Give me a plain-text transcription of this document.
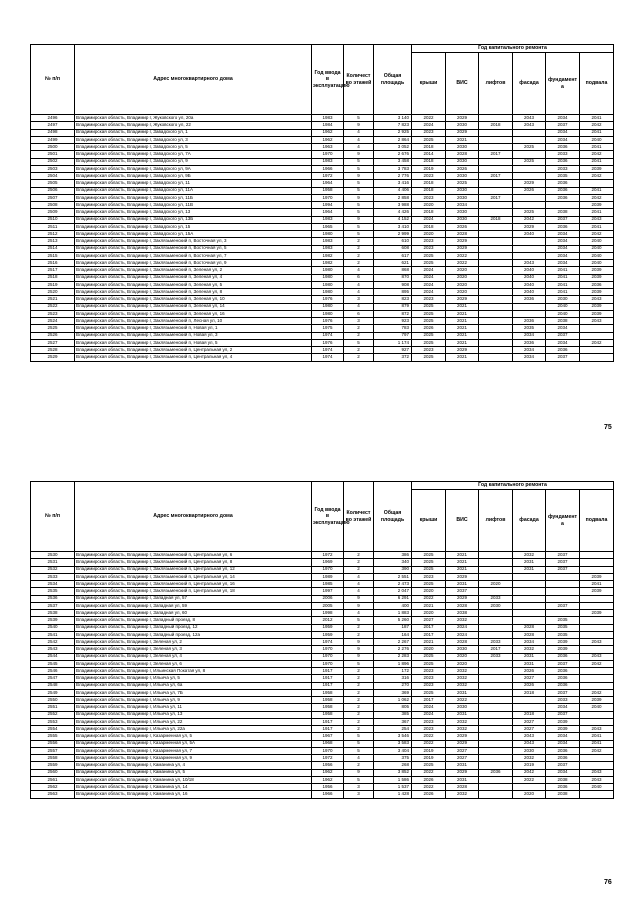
№ п/п	Адрес многоквартирного дома	Год ввода в эксплуатацию	Количество этажей	Общая площадь	Год капитального ремонта					
					крыши	ВИС	лифтов	фасада	фундамента	подвала
2496	Владимирская область, Владимир г, Жуковского ул, 20а	1983	5	3 140	2022	2029		2043	2034	2041
2497	Владимирская область, Владимир г, Жуковского ул, 22	1984	9	7 823	2024	2030	2018	2043	2037	2042
2498	Владимирская область, Владимир г, Завадского ул, 1	1962	4	2 925	2023	2029			2034	2041
2499	Владимирская область, Владимир г, Завадского ул, 3	1962	4	2 864	2025	2021			2034	2040
2500	Владимирская область, Владимир г, Завадского ул, 5	1963	4	3 052	2018	2030		2025	2036	2041
2501	Владимирская область, Владимир г, Завадского ул, 7А	1970	9	2 676	2014	2028	2017		2033	2042
2502	Владимирская область, Владимир г, Завадского ул, 9	1983	5	3 458	2018	2030		2025	2036	2041
2503	Владимирская область, Владимир г, Завадского ул, 9А	1966	5	3 783	2019	2026			2033	2039
2504	Владимирская область, Владимир г, Завадского ул, 9Б	1972	9	2 776	2023	2030	2017		2035	2042
2505	Владимирская область, Владимир г, Завадского ул, 11	1964	5	3 416	2018	2025		2029	2036	
2506	Владимирская область, Владимир г, Завадского ул, 11А	1958	5	4 406	2018	2030		2026	2036	2041
2507	Владимирская область, Владимир г, Завадского ул, 11Б	1970	9	2 858	2023	2030	2017		2036	2042
2508	Владимирская область, Владимир г, Завадского ул, 11В	1994	5	3 988	2020	2034				2039
2509	Владимирская область, Владимир г, Завадского ул, 13	1964	5	4 426	2018	2030		2025	2038	2041
2510	Владимирская область, Владимир г, Завадского ул, 13Б	1983	9	4 152	2024	2030	2018	2042	2037	2043
2511	Владимирская область, Владимир г, Завадского ул, 15	1965	5	3 410	2018	2026		2029	2036	2041
2512	Владимирская область, Владимир г, Завадского ул, 15А	1980	5	2 999	2020	2028		2040	2034	2042
2513	Владимирская область, Владимир г, Заклязьменский п, Восточная ул, 3	1983	2	610	2023	2029			2034	2040
2514	Владимирская область, Владимир г, Заклязьменский п, Восточная ул, 5	1983	2	608	2023	2029			2034	2040
2515	Владимирская область, Владимир г, Заклязьменский п, Восточная ул, 7	1982	2	617	2025	2022			2034	2040
2516	Владимирская область, Владимир г, Заклязьменский п, Восточная ул, 9	1982	2	621	2025	2022		2043	2034	2040
2517	Владимирская область, Владимир г, Заклязьменский п, Зеленая ул, 2	1980	4	868	2024	2020		2040	2041	2039
2518	Владимирская область, Владимир г, Заклязьменский п, Зеленая ул, 4	1980	6	870	2024	2020		2040	2041	2039
2519	Владимирская область, Владимир г, Заклязьменский п, Зеленая ул, 5	1980	4	908	2024	2020		2040	2041	2036
2520	Владимирская область, Владимир г, Заклязьменский п, Зеленая ул, 8	1980	4	895	2024	2020		2040	2041	2039
2521	Владимирская область, Владимир г, Заклязьменский п, Зеленая ул, 10	1976	3	823	2023	2029		2036	2030	2043
2522	Владимирская область, Владимир г, Заклязьменский п, Зеленая ул, 14	1980	4	879	2025	2021			2040	2039
2523	Владимирская область, Владимир г, Заклязьменский п, Зеленая ул, 16	1980	6	872	2025	2021			2040	2039
2524	Владимирская область, Владимир г, Заклязьменский п, Лесная ул, 10	1976	3	923	2025	2021		2036	2038	2043
2525	Владимирская область, Владимир г, Заклязьменский п, Новая ул, 1	1975	2	783	2026	2021		2035	2034	
2526	Владимирская область, Владимир г, Заклязьменский п, Новая ул, 3	1974	2	797	2025	2021		2034	2037	
2527	Владимирская область, Владимир г, Заклязьменский п, Новая ул, 5	1976	5	1 174	2025	2021		2036	2034	2042
2528	Владимирская область, Владимир г, Заклязьменский п, Центральная ул, 2	1974	2	927	2023	2029		2034	2036	
2529	Владимирская область, Владимир г, Заклязьменский п, Центральная ул, 4	1974	2	372	2025	2021		2034	2037	
75
№ п/п	Адрес многоквартирного дома	Год ввода в эксплуатацию	Количество этажей	Общая площадь	Год капитального ремонта					
					крыши	ВИС	лифтов	фасада	фундамента	подвала
2530	Владимирская область, Владимир г, Заклязьменский п, Центральная ул, 6	1972	2	386	2025	2021		2032	2037	
2531	Владимирская область, Владимир г, Заклязьменский п, Центральная ул, 8	1969	2	340	2025	2021		2031	2037	
2532	Владимирская область, Владимир г, Заклязьменский п, Центральная ул, 12	1970	2	390	2025	2021		2031	2037	
2533	Владимирская область, Владимир г, Заклязьменский п, Центральная ул, 14	1989	4	2 551	2023	2029				2039
2534	Владимирская область, Владимир г, Заклязьменский п, Центральная ул, 16	1985	4	2 473	2025	2031	2020			2041
2535	Владимирская область, Владимир г, Заклязьменский п, Центральная ул, 18	1997	4	2 047	2020	2037				2039
2536	Владимирская область, Владимир г, Западная ул, 57	2006	9	6 291	2022	2029	2033			
2537	Владимирская область, Владимир г, Западная ул, 59	2005	9	400	2021	2028	2030		2037	
2538	Владимирская область, Владимир г, Западная ул, 60	1998	4	1 883	2020	2038				2039
2539	Владимирская область, Владимир г, Западный проезд, 8	2012	5	5 260	2027	2032			2035	
2540	Владимирская область, Владимир г, Западный проезд, 12	1959	2	187	2017	2024		2028	2035	
2541	Владимирская область, Владимир г, Западный проезд, 12а	1959	2	164	2017	2024		2028	2035	
2542	Владимирская область, Владимир г, Зеленая ул, 2	1974	9	2 267	2021	2028	2033	2034	2039	2043
2543	Владимирская область, Владимир г, Зеленая ул, 3	1970	9	2 276	2020	2030	2017	2032	2039	
2544	Владимирская область, Владимир г, Зеленая ул, 4	1970	9	2 283	2025	2020	2033	2031	2036	2043
2545	Владимирская область, Владимир г, Зеленая ул, 6	1970	5	1 896	2025	2020		2031	2037	2042
2546	Владимирская область, Владимир г, Ильинская Покатая ул, 8	1917	2	172	2023	2032		2026	2036	
2547	Владимирская область, Владимир г, Ильича ул, 5	1917	2	316	2023	2032		2027	2036	
2548	Владимирская область, Владимир г, Ильича ул, 6а	1917	2	270	2023	2032		2026	2036	
2549	Владимирская область, Владимир г, Ильича ул, 7Б	1958	2	369	2025	2031		2018	2037	2042
2550	Владимирская область, Владимир г, Ильича ул, 9	1958	2	1 062	2017	2022			2033	2039
2551	Владимирская область, Владимир г, Ильича ул, 11	1958	2	805	2024	2030			2034	2040
2552	Владимирская область, Владимир г, Ильича ул, 13	1958	2	385	2024	2031		2018	2037	
2553	Владимирская область, Владимир г, Ильича ул, 22	1917	2	367	2023	2032		2027	2039	
2554	Владимирская область, Владимир г, Ильича ул, 22а	1917	2	254	2023	2032		2027	2039	2043
2555	Владимирская область, Владимир г, Казарменная ул, 5	1967	5	3 546	2022	2029		2043	2034	2041
2556	Владимирская область, Владимир г, Казарменная ул, 5А	1968	5	3 583	2022	2029		2043	2034	2041
2557	Владимирская область, Владимир г, Казарменная ул, 7	1970	5	3 404	2019	2027		2030	2036	2042
2558	Владимирская область, Владимир г, Казарменная ул, 9	1972	4	375	2019	2027		2032	2036	
2559	Владимирская область, Владимир г, Каманина ул, 4	1956	2	268	2025	2031		2019	2037	
2560	Владимирская область, Владимир г, Каманина ул, 5	1962	9	3 852	2022	2029	2036	2042	2034	2043
2561	Владимирская область, Владимир г, Каманина ул, 10/18	1962	5	1 586	2026	2031		2022	2038	2043
2562	Владимирская область, Владимир г, Каманина ул, 14	1956	3	1 537	2022	2028			2036	2040
2563	Владимирская область, Владимир г, Каманина ул, 16	1966	3	1 428	2026	2032		2020	2038	
76
